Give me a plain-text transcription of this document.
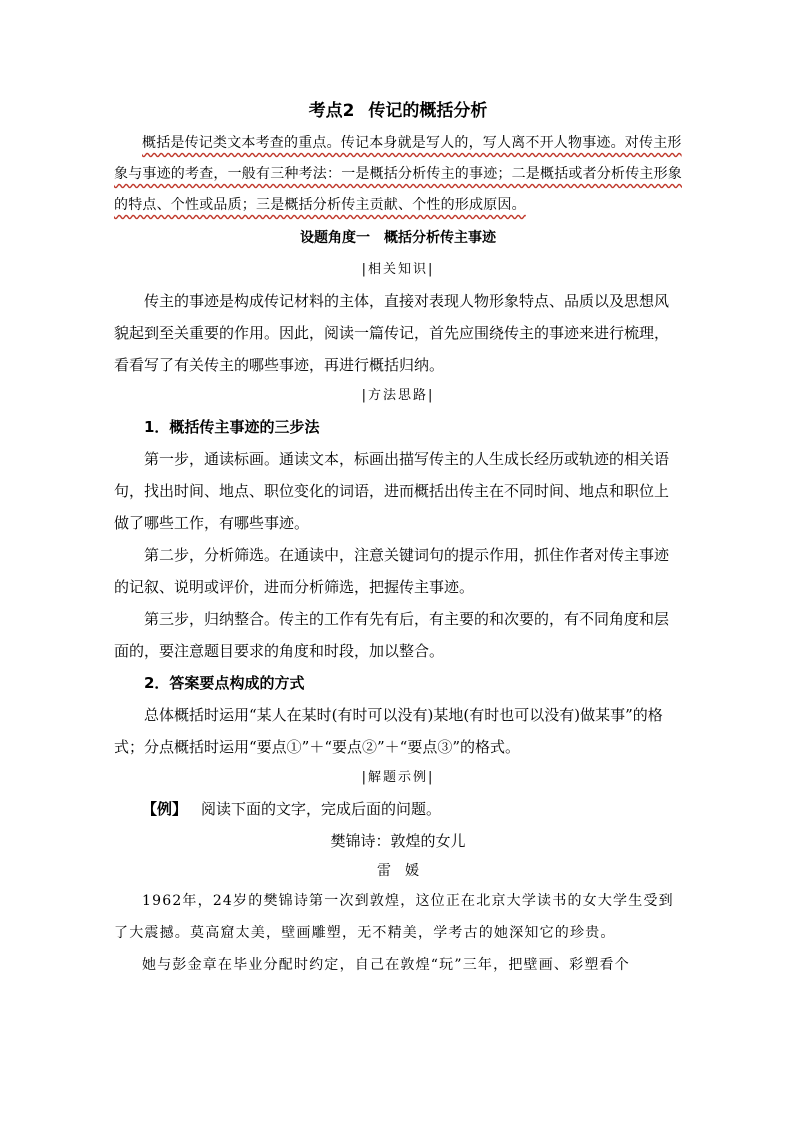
考点2 传记的概括分析

概括是传记类文本考查的重点。传记本身就是写人的，写人离不开人物事迹。对传主形象与事迹的考查，一般有三种考法：一是概括分析传主的事迹；二是概括或者分析传主形象的特点、个性或品质；三是概括分析传主贡献、个性的形成原因。

设题角度一 概括分析传主事迹
|相关知识|

传主的事迹是构成传记材料的主体，直接对表现人物形象特点、品质以及思想风貌起到至关重要的作用。因此，阅读一篇传记，首先应围绕传主的事迹来进行梳理，看看写了有关传主的哪些事迹，再进行概括归纳。

|方法思路|

1．概括传主事迹的三步法

第一步，通读标画。通读文本，标画出描写传主的人生成长经历或轨迹的相关语句，找出时间、地点、职位变化的词语，进而概括出传主在不同时间、地点和职位上做了哪些工作，有哪些事迹。

第二步，分析筛选。在通读中，注意关键词句的提示作用，抓住作者对传主事迹的记叙、说明或评价，进而分析筛选，把握传主事迹。

第三步，归纳整合。传主的工作有先有后，有主要的和次要的，有不同角度和层面的，要注意题目要求的角度和时段，加以整合。

2．答案要点构成的方式

总体概括时运用“某人在某时(有时可以没有)某地(有时也可以没有)做某事”的格式；分点概括时运用“要点①”＋“要点②”＋“要点③”的格式。

|解题示例|

【例】 阅读下面的文字，完成后面的问题。

樊锦诗：敦煌的女儿
雷媛

1962年，24岁的樊锦诗第一次到敦煌，这位正在北京大学读书的女大学生受到了大震撼。莫高窟太美，壁画雕塑，无不精美，学考古的她深知它的珍贵。

她与彭金章在毕业分配时约定，自己在敦煌“玩”三年，把壁画、彩塑看个
